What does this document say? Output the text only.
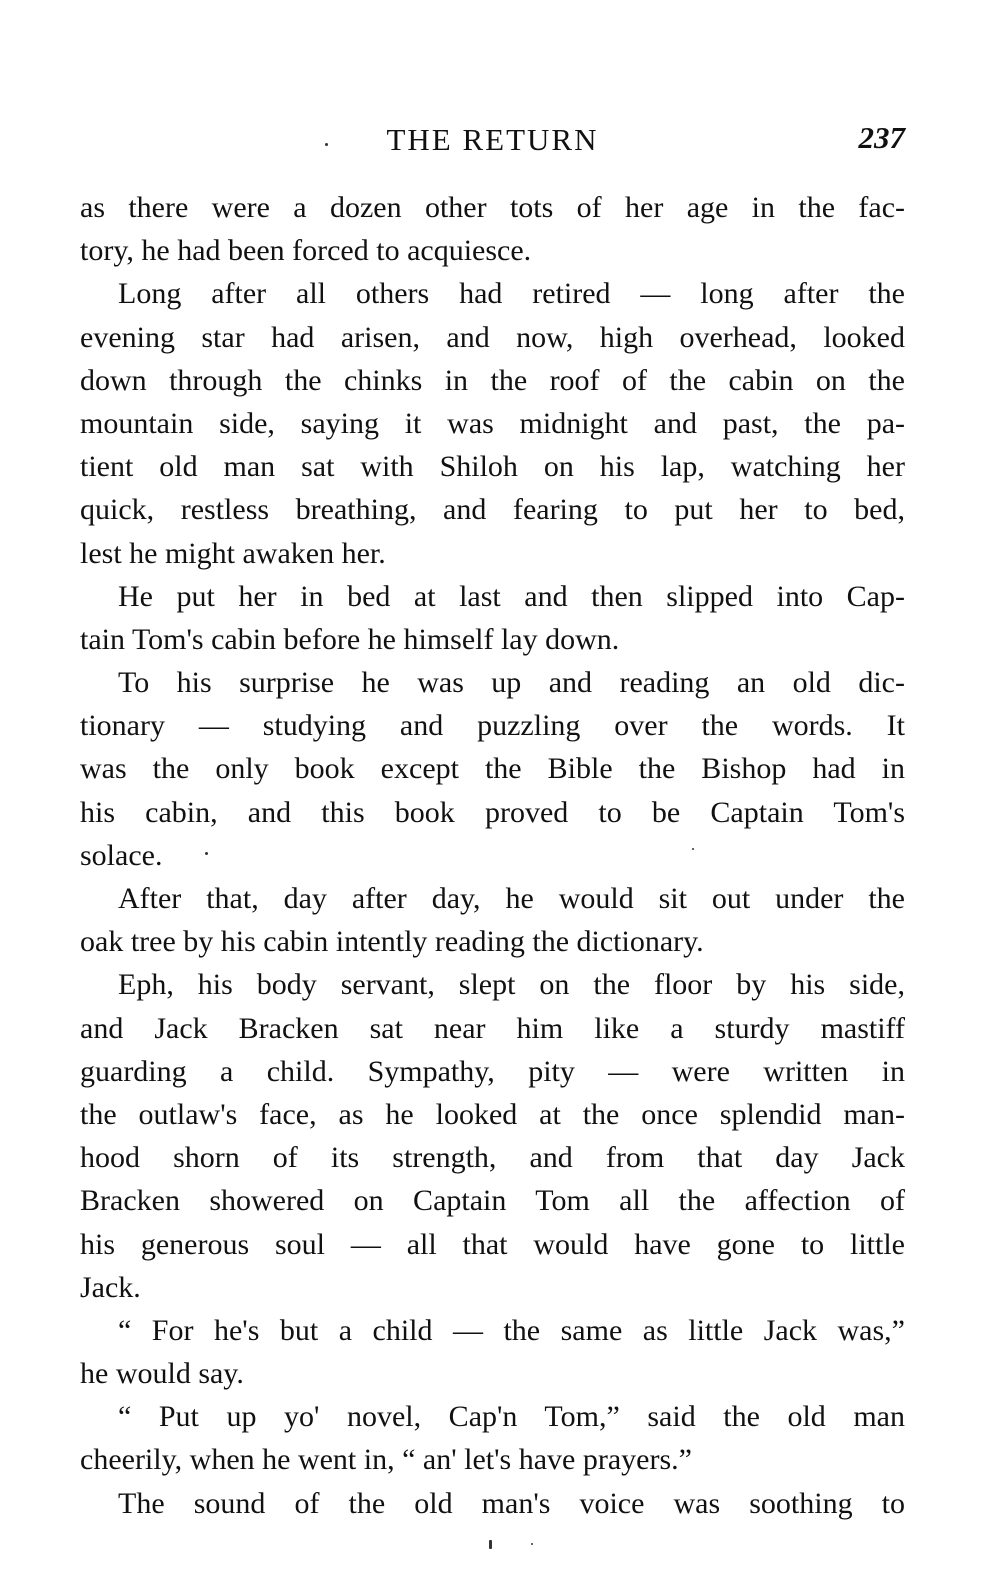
THE RETURN	237
as there were a dozen other tots of her age in the fac-
tory, he had been forced to acquiesce.
Long after all others had retired — long after the
evening star had arisen, and now, high overhead, looked
down through the chinks in the roof of the cabin on the
mountain side, saying it was midnight and past, the pa-
tient old man sat with Shiloh on his lap, watching her
quick, restless breathing, and fearing to put her to bed,
lest he might awaken her.
He put her in bed at last and then slipped into Cap-
tain Tom's cabin before he himself lay down.
To his surprise he was up and reading an old dic-
tionary — studying and puzzling over the words. It
was the only book except the Bible the Bishop had in
his cabin, and this book proved to be Captain Tom's
solace.
After that, day after day, he would sit out under the
oak tree by his cabin intently reading the dictionary.
Eph, his body servant, slept on the floor by his side,
and Jack Bracken sat near him like a sturdy mastiff
guarding a child. Sympathy, pity — were written in
the outlaw's face, as he looked at the once splendid man-
hood shorn of its strength, and from that day Jack
Bracken showered on Captain Tom all the affection of
his generous soul — all that would have gone to little
Jack.
“ For he's but a child — the same as little Jack was,”
he would say.
“ Put up yo' novel, Cap'n Tom,” said the old man
cheerily, when he went in, “ an' let's have prayers.”
The sound of the old man's voice was soothing to
